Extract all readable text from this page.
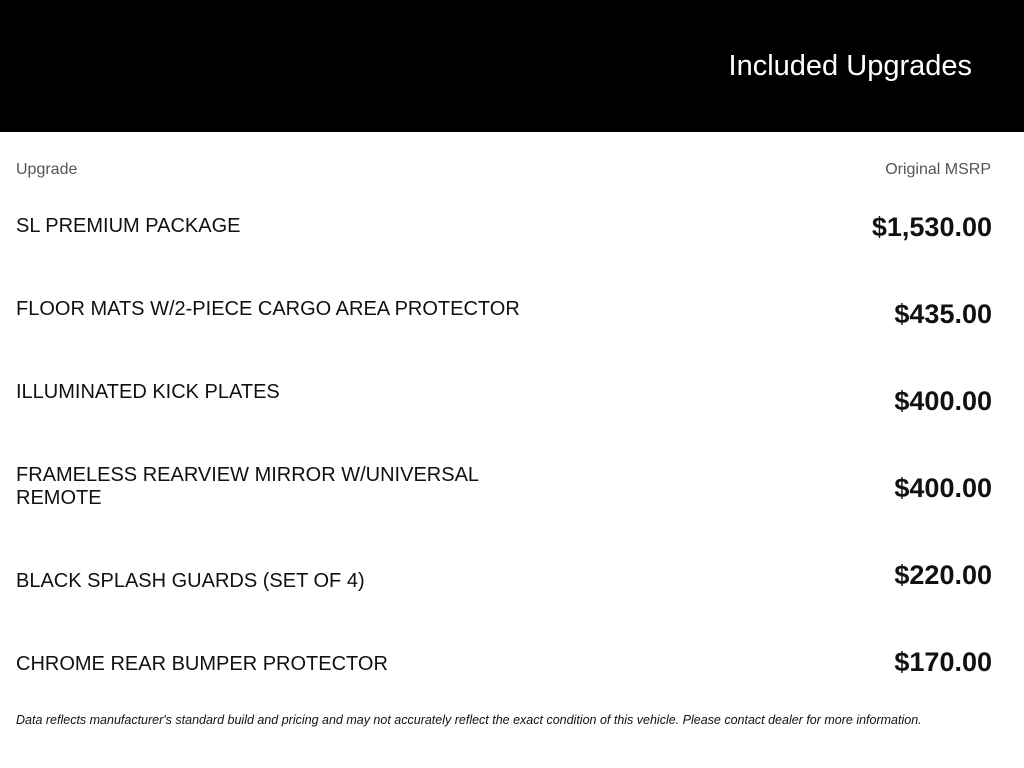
Included Upgrades
Upgrade	Original MSRP
SL PREMIUM PACKAGE	$1,530.00
FLOOR MATS W/2-PIECE CARGO AREA PROTECTOR	$435.00
ILLUMINATED KICK PLATES	$400.00
FRAMELESS REARVIEW MIRROR W/UNIVERSAL REMOTE	$400.00
BLACK SPLASH GUARDS (SET OF 4)	$220.00
CHROME REAR BUMPER PROTECTOR	$170.00
Data reflects manufacturer's standard build and pricing and may not accurately reflect the exact condition of this vehicle. Please contact dealer for more information.
